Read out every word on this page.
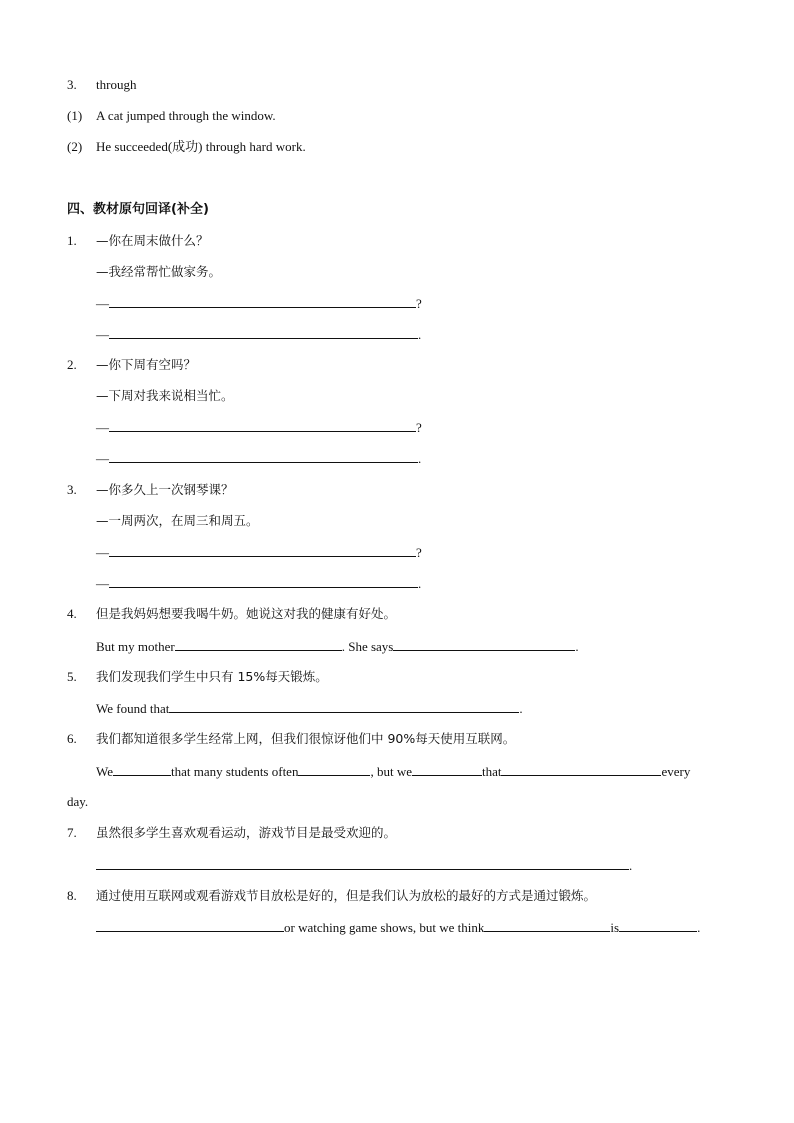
3. through
(1) A cat jumped through the window.
(2) He succeeded(成功) through hard work.
四、教材原句回译(补全)
1. —你在周末做什么？
—我经常帮忙做家务。
—	?
—	.
2. —你下周有空吗？
—下周对我来说相当忙。
—	?
—	.
3. —你多久上一次钢琴课？
—一周两次，在周三和周五。
—	?
—	.
4. 但是我妈妈想要我喝牛奶。她说这对我的健康有好处。
But my mother	. She says	.
5. 我们发现我们学生中只有 15%每天锻炼。
We found that	.
6. 我们都知道很多学生经常上网，但我们很惊讶他们中 90%每天使用互联网。
We	that many students often	, but we	that	every
day.
7. 虽然很多学生喜欢观看运动，游戏节目是最受欢迎的。
.
8. 通过使用互联网或观看游戏节目放松是好的，但是我们认为放松的最好的方式是通过锻炼。
or watching game shows, but we think	is	.
